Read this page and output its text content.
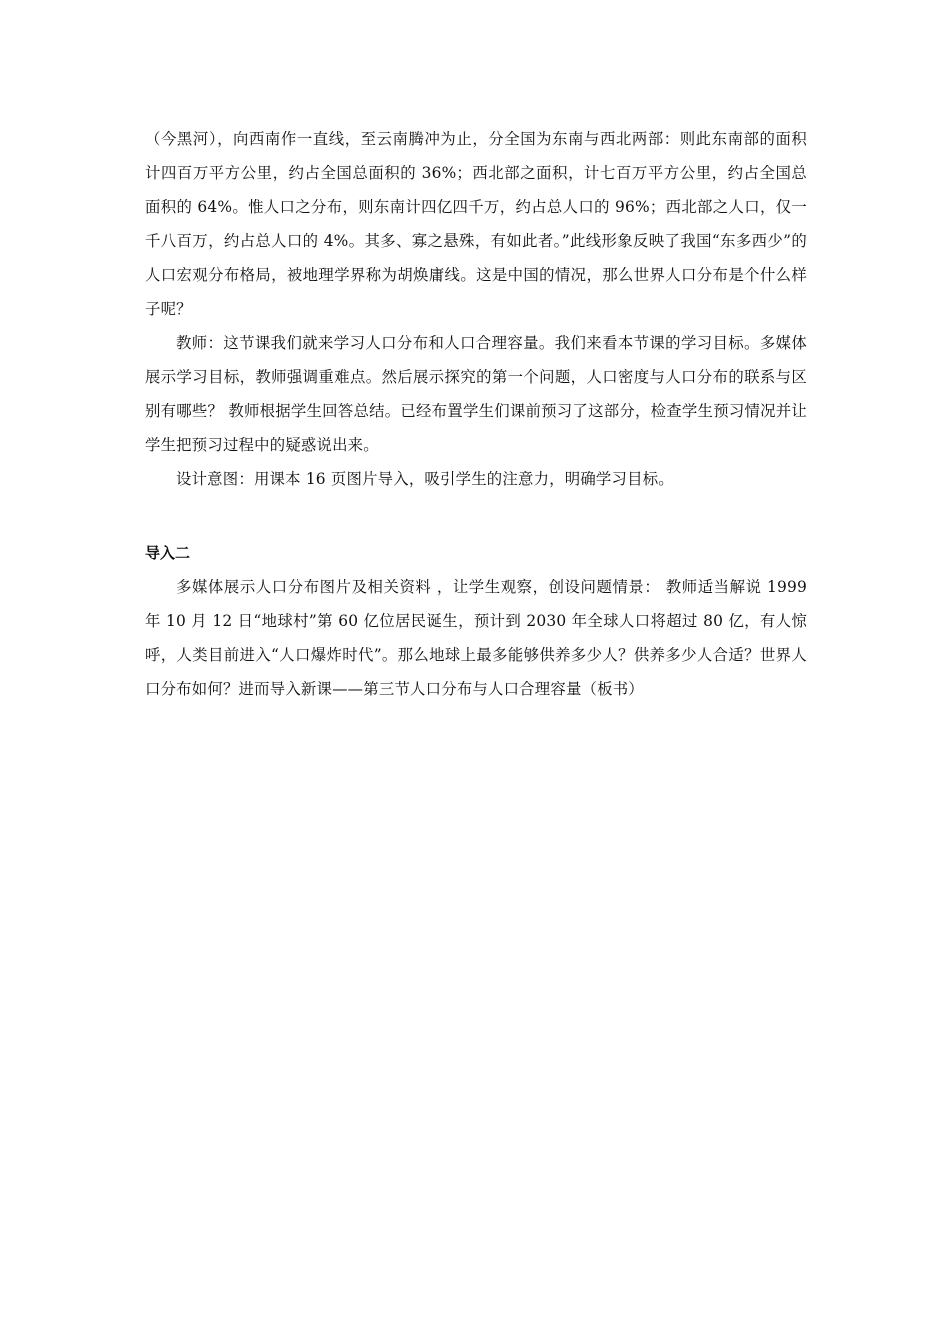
（今黑河），向西南作一直线，至云南腾冲为止，分全国为东南与西北两部：则此东南部的面积计四百万平方公里，约占全国总面积的 36%；西北部之面积，计七百万平方公里，约占全国总面积的 64%。惟人口之分布，则东南计四亿四千万，约占总人口的 96%；西北部之人口，仅一千八百万，约占总人口的 4%。其多、寡之悬殊，有如此者。”此线形象反映了我国“东多西少”的人口宏观分布格局，被地理学界称为胡焕庸线。这是中国的情况，那么世界人口分布是个什么样子呢？

教师：这节课我们就来学习人口分布和人口合理容量。我们来看本节课的学习目标。多媒体展示学习目标，教师强调重难点。然后展示探究的第一个问题，人口密度与人口分布的联系与区别有哪些？ 教师根据学生回答总结。已经布置学生们课前预习了这部分，检查学生预习情况并让学生把预习过程中的疑惑说出来。

设计意图：用课本 16 页图片导入，吸引学生的注意力，明确学习目标。

导入二

多媒体展示人口分布图片及相关资料 ，让学生观察，创设问题情景： 教师适当解说 1999 年 10 月 12 日“地球村”第 60 亿位居民诞生，预计到 2030 年全球人口将超过 80 亿，有人惊呼，人类目前进入“人口爆炸时代”。那么地球上最多能够供养多少人？供养多少人合适？世界人口分布如何？进而导入新课——第三节人口分布与人口合理容量（板书）
